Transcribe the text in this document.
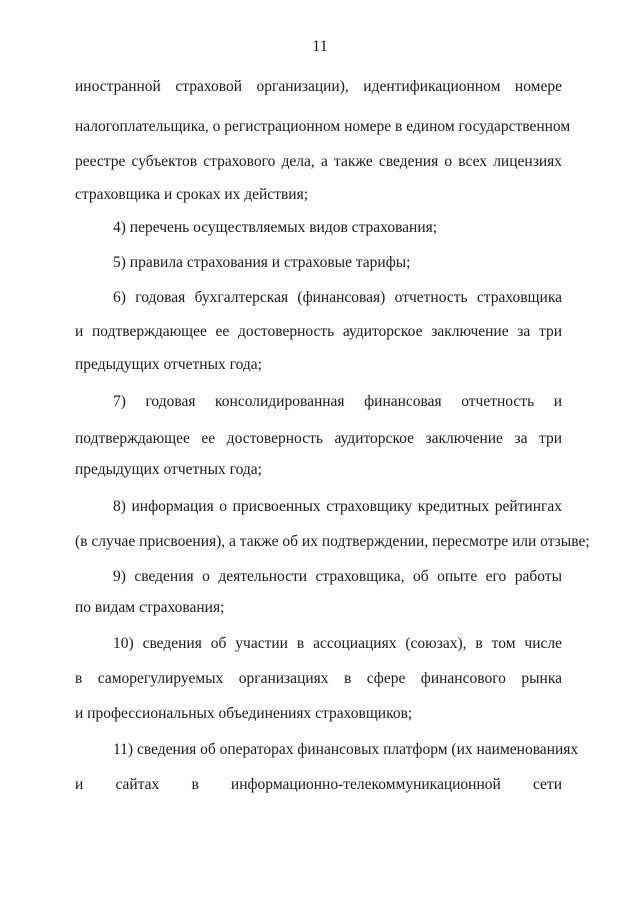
11
иностранной страховой организации), идентификационном номере
налогоплательщика, о регистрационном номере в едином государственном
реестре субъектов страхового дела, а также сведения о всех лицензиях
страховщика и сроках их действия;
4) перечень осуществляемых видов страхования;
5) правила страхования и страховые тарифы;
6) годовая бухгалтерская (финансовая) отчетность страховщика
и подтверждающее ее достоверность аудиторское заключение за три
предыдущих отчетных года;
7) годовая консолидированная финансовая отчетность и
подтверждающее ее достоверность аудиторское заключение за три
предыдущих отчетных года;
8) информация о присвоенных страховщику кредитных рейтингах
(в случае присвоения), а также об их подтверждении, пересмотре или отзыве;
9) сведения о деятельности страховщика, об опыте его работы
по видам страхования;
10) сведения об участии в ассоциациях (союзах), в том числе
в саморегулируемых организациях в сфере финансового рынка
и профессиональных объединениях страховщиков;
11) сведения об операторах финансовых платформ (их наименованиях
и сайтах в информационно-телекоммуникационной сети
